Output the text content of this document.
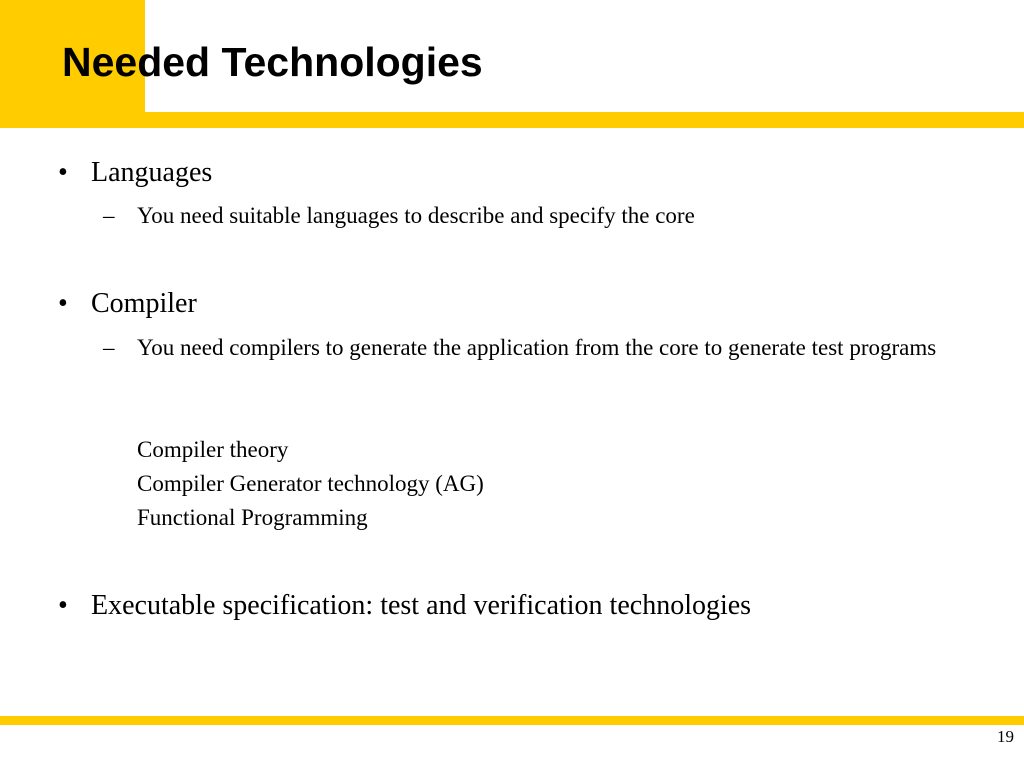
Needed Technologies
• Languages
– You need suitable languages to describe and specify the core
• Compiler
– You need compilers to generate the application from the core to generate test programs
Compiler theory
Compiler Generator technology (AG)
Functional Programming
• Executable specification: test and verification technologies
19
